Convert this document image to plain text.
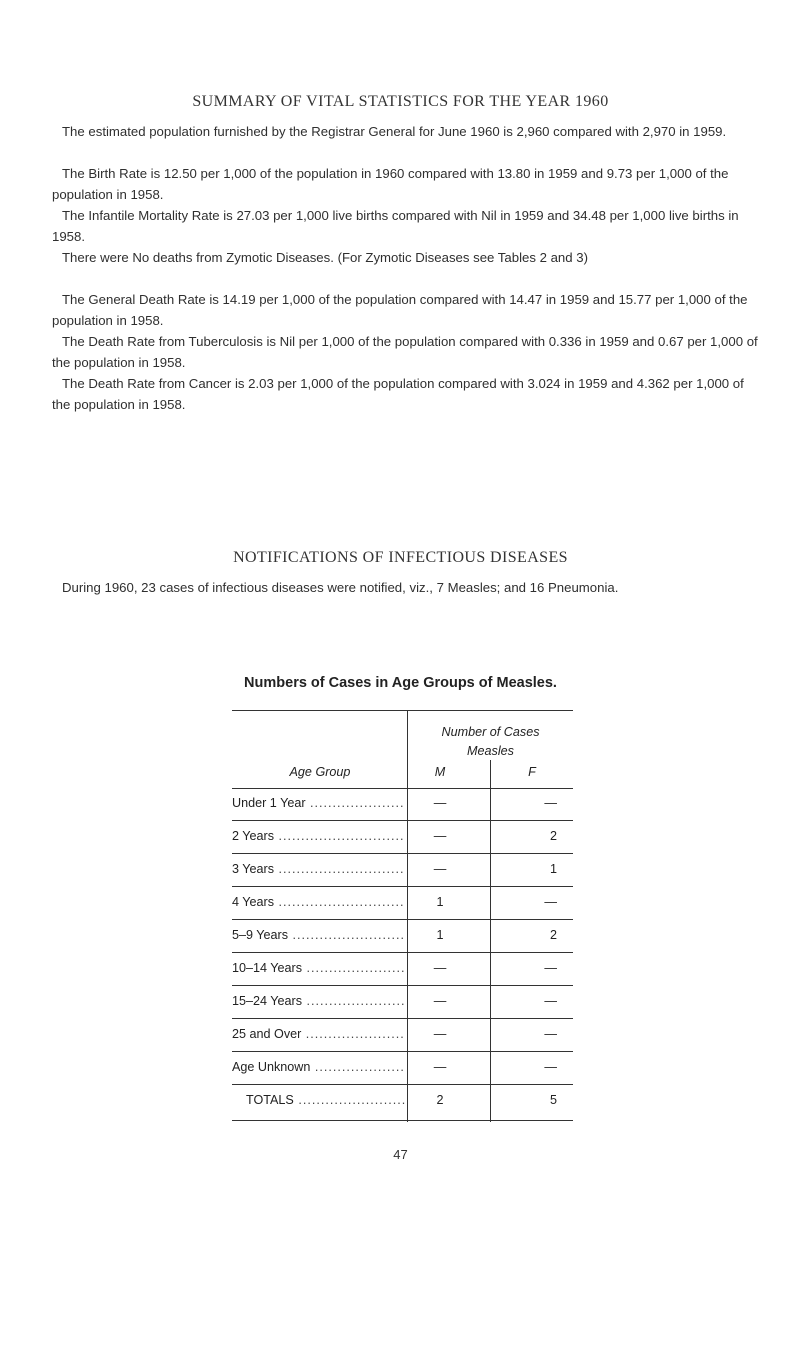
SUMMARY OF VITAL STATISTICS FOR THE YEAR 1960

The estimated population furnished by the Registrar General for June 1960 is 2,960 compared with 2,970 in 1959.

The Birth Rate is 12.50 per 1,000 of the population in 1960 compared with 13.80 in 1959 and 9.73 per 1,000 of the population in 1958.

The Infantile Mortality Rate is 27.03 per 1,000 live births compared with Nil in 1959 and 34.48 per 1,000 live births in 1958.

There were No deaths from Zymotic Diseases. (For Zymotic Diseases see Tables 2 and 3)

The General Death Rate is 14.19 per 1,000 of the population compared with 14.47 in 1959 and 15.77 per 1,000 of the population in 1958.

The Death Rate from Tuberculosis is Nil per 1,000 of the population compared with 0.336 in 1959 and 0.67 per 1,000 of the population in 1958.

The Death Rate from Cancer is 2.03 per 1,000 of the population compared with 3.024 in 1959 and 4.362 per 1,000 of the population in 1958.

NOTIFICATIONS OF INFECTIOUS DISEASES

During 1960, 23 cases of infectious diseases were notified, viz., 7 Measles; and 16 Pneumonia.

Numbers of Cases in Age Groups of Measles.
Number of Cases
Measles
Age Group	M	F
Under 1 Year .....	—	—
2 Years .....	—	2
3 Years .....	—	1
4 Years .....	1	—
5–9 Years .....	1	2
10–14 Years .....	—	—
15–24 Years .....	—	—
25 and Over .....	—	—
Age Unknown .....	—	—
TOTALS .....	2	5
47
